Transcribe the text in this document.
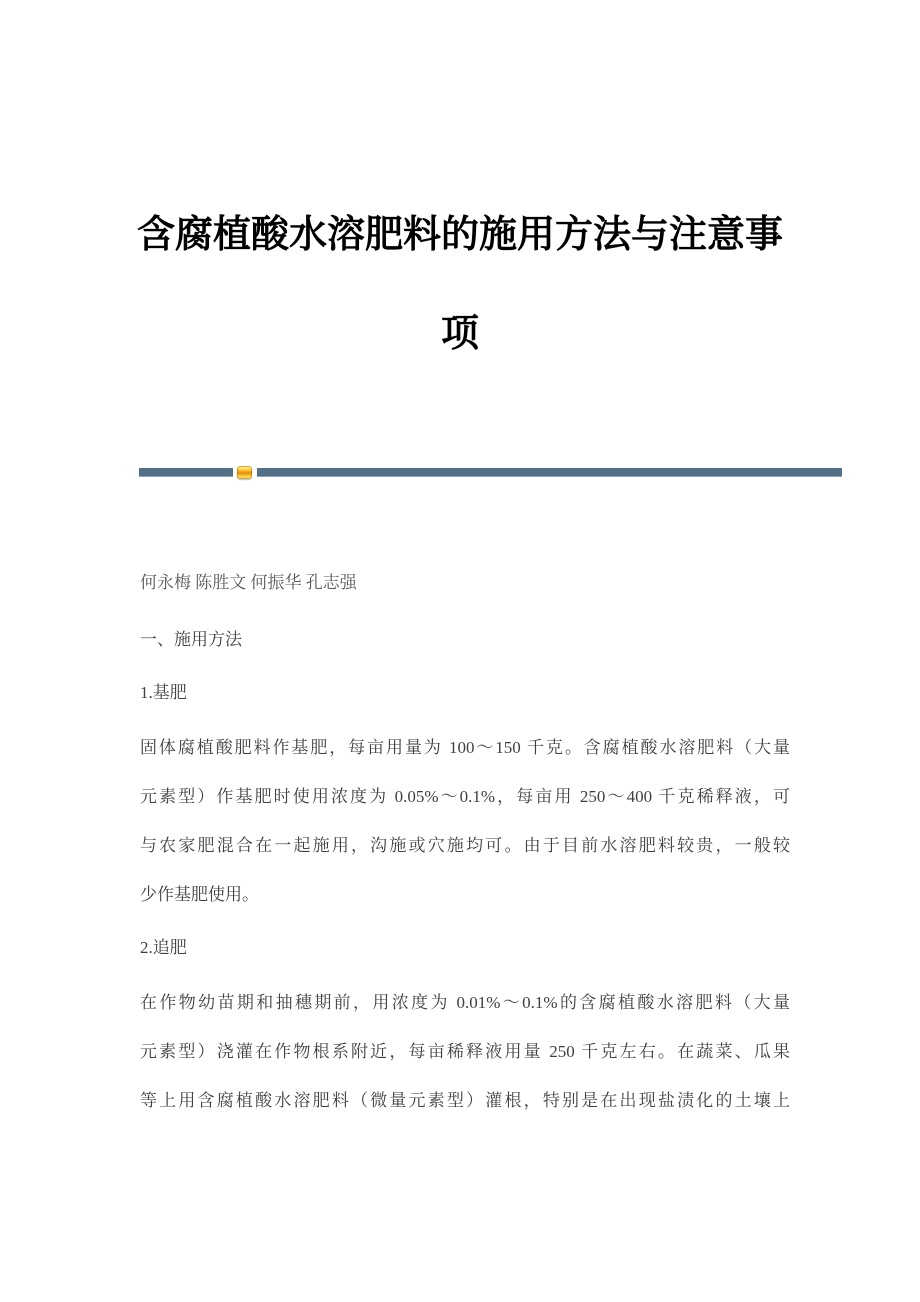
含腐植酸水溶肥料的施用方法与注意事
项
何永梅 陈胜文 何振华 孔志强
一、施用方法
1.基肥
固体腐植酸肥料作基肥，每亩用量为 100～150 千克。含腐植酸水溶肥料（大量
元素型）作基肥时使用浓度为 0.05%～0.1%，每亩用 250～400 千克稀释液，可
与农家肥混合在一起施用，沟施或穴施均可。由于目前水溶肥料较贵，一般较
少作基肥使用。
2.追肥
在作物幼苗期和抽穗期前，用浓度为 0.01%～0.1%的含腐植酸水溶肥料（大量
元素型）浇灌在作物根系附近，每亩稀释液用量 250 千克左右。在蔬菜、瓜果
等上用含腐植酸水溶肥料（微量元素型）灌根，特别是在出现盐渍化的土壤上
